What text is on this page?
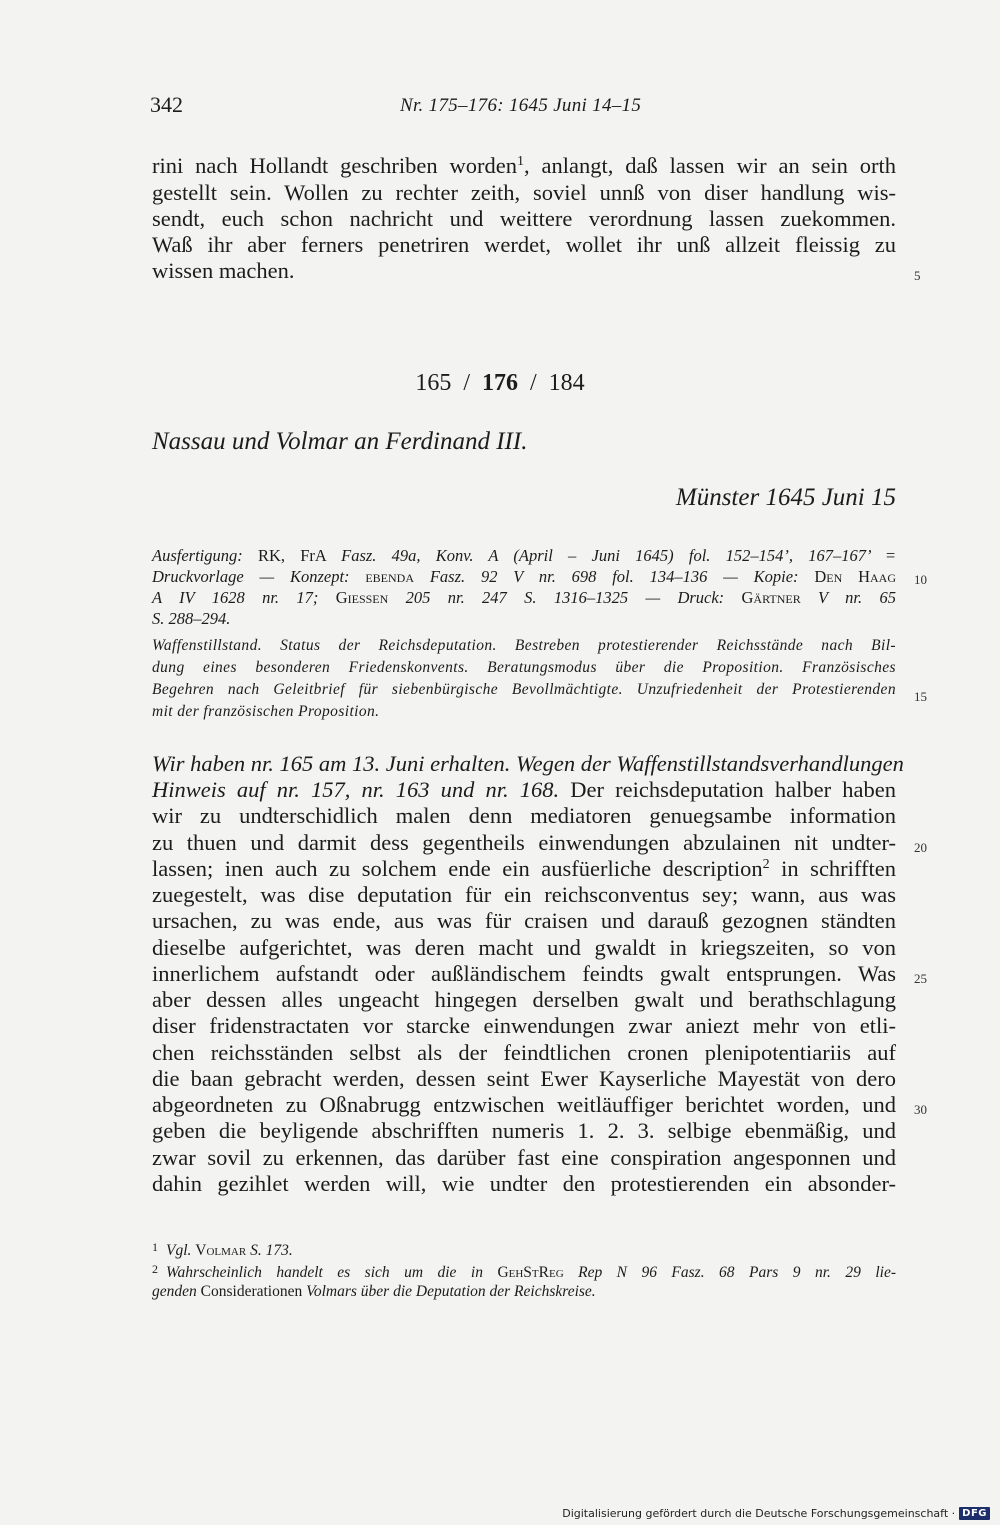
342	Nr. 175–176: 1645 Juni 14–15
rini nach Hollandt geschriben worden$^1$, anlangt, daß lassen wir an sein orth
gestellt sein. Wollen zu rechter zeith, soviel unnß von diser handlung wis-
sendt, euch schon nachricht und weittere verordnung lassen zuekommen.
Waß ihr aber ferners penetriren werdet, wollet ihr unß allzeit fleissig zu
wissen machen.	5
10
15
20
25
30
165 / 176 / 184
Nassau und Volmar an Ferdinand III.
Münster 1645 Juni 15
Ausfertigung: RK, FrA Fasz. 49a, Konv. A (April – Juni 1645) fol. 152–154’, 167–167’ =
Druckvorlage — Konzept: ebenda Fasz. 92 V nr. 698 fol. 134–136 — Kopie: Den Haag
A IV 1628 nr. 17; Giessen 205 nr. 247 S. 1316–1325 — Druck: Gärtner V nr. 65
S. 288–294.
Waffenstillstand. Status der Reichsdeputation. Bestreben protestierender Reichsstände nach Bil-
dung eines besonderen Friedenskonvents. Beratungsmodus über die Proposition. Französisches
Begehren nach Geleitbrief für siebenbürgische Bevollmächtigte. Unzufriedenheit der Protestierenden
mit der französischen Proposition.
Wir haben nr. 165 am 13. Juni erhalten. Wegen der Waffenstillstandsverhandlungen
Hinweis auf nr. 157, nr. 163 und nr. 168. Der reichsdeputation halber haben
wir zu undterschidlich malen denn mediatoren genuegsambe information
zu thuen und darmit dess gegentheils einwendungen abzulainen nit undter-
lassen; inen auch zu solchem ende ein ausfüerliche description$^2$ in schrifften
zuegestelt, was dise deputation für ein reichsconventus sey; wann, aus was
ursachen, zu was ende, aus was für craisen und darauß gezognen ständten
dieselbe aufgerichtet, was deren macht und gwaldt in kriegszeiten, so von
innerlichem aufstandt oder außländischem feindts gwalt entsprungen. Was
aber dessen alles ungeacht hingegen derselben gwalt und berathschlagung
diser fridenstractaten vor starcke einwendungen zwar aniezt mehr von etli-
chen reichsständen selbst als der feindtlichen cronen plenipotentiariis auf
die baan gebracht werden, dessen seint Ewer Kayserliche Mayestät von dero
abgeordneten zu Oßnabrugg entzwischen weitläuffiger berichtet worden, und
geben die beyligende abschrifften numeris 1. 2. 3. selbige ebenmäßig, und
zwar sovil zu erkennen, das darüber fast eine conspiration angesponnen und
dahin gezihlet werden will, wie undter den protestierenden ein absonder-
$^1$ Vgl. Volmar S. 173.
$^2$ Wahrscheinlich handelt es sich um die in GehStReg Rep N 96 Fasz. 68 Pars 9 nr. 29 lie-
genden Considerationen Volmars über die Deputation der Reichskreise.
Digitalisierung gefördert durch die Deutsche Forschungsgemeinschaft · DFG
